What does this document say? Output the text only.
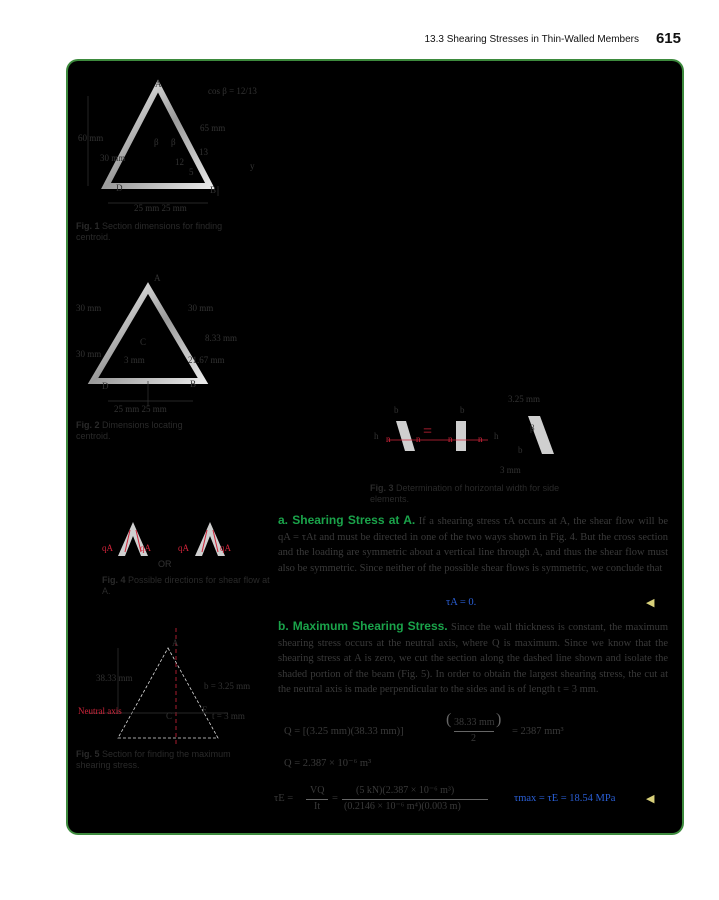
13.3 Shearing Stresses in Thin-Walled Members 615
A
cos β = 12/13
60 mm
65 mm
β β
13
30 mm	12
5
y
D	B
25 mm 25 mm
Fig. 1 Section dimensions for finding centroid.
A
30 mm	30 mm
8.33 mm
C
30 mm
3 mm	21.67 mm
D	B
25 mm 25 mm
Fig. 2 Dimensions locating centroid.
b	b
3.25 mm
h n	n = n	n h
β
b
3 mm
Fig. 3 Determination of horizontal width for side elements.
qA	qA	qA	qA
OR
Fig. 4 Possible directions for shear flow at A.
A
38.33 mm
b = 3.25 mm
Neutral axis	E
t = 3 mm
C
Fig. 5 Section for finding the maximum shearing stress.
a. Shearing Stress at A. If a shearing stress τA occurs at A, the shear flow will be qA = τAt and must be directed in one of the two ways shown in Fig. 4. But the cross section and the loading are symmetric about a vertical line through A, and thus the shear flow must also be symmetric. Since neither of the possible shear flows is symmetric, we conclude that
τA = 0.	◀
b. Maximum Shearing Stress. Since the wall thickness is constant, the maximum shearing stress occurs at the neutral axis, where Q is maximum. Since we know that the shearing stress at A is zero, we cut the section along the dashed line shown and isolate the shaded portion of the beam (Fig. 5). In order to obtain the largest shearing stress, the cut at the neutral axis is made perpendicular to the sides and is of length t = 3 mm.
Q = [(3.25 mm)(38.33 mm)]
( 38.33 mm
2
)
= 2387 mm³
Q = 2.387 × 10⁻⁶ m³
τE =
VQ
It
=
(5 kN)(2.387 × 10⁻⁶ m³)
(0.2146 × 10⁻⁶ m⁴)(0.003 m)
τmax = τE = 18.54 MPa	◀
